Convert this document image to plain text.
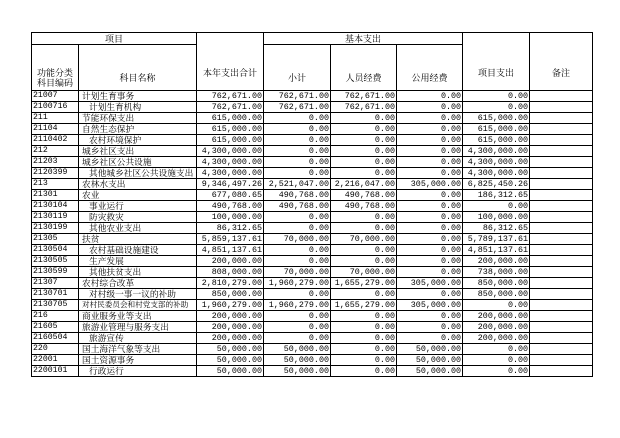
项目		本年支出合计	基本支出			项目支出	备注
功能分类科目编码	科目名称		小计	人员经费	公用经费		
21007	计划生育事务	762,671.00	762,671.00	762,671.00	0.00	0.00	
2100716	计划生育机构	762,671.00	762,671.00	762,671.00	0.00	0.00	
211	节能环保支出	615,000.00	0.00	0.00	0.00	615,000.00	
21104	自然生态保护	615,000.00	0.00	0.00	0.00	615,000.00	
2110402	农村环境保护	615,000.00	0.00	0.00	0.00	615,000.00	
212	城乡社区支出	4,300,000.00	0.00	0.00	0.00	4,300,000.00	
21203	城乡社区公共设施	4,300,000.00	0.00	0.00	0.00	4,300,000.00	
2120399	其他城乡社区公共设施支出	4,300,000.00	0.00	0.00	0.00	4,300,000.00	
213	农林水支出	9,346,497.26	2,521,047.00	2,216,047.00	305,000.00	6,825,450.26	
21301	农业	677,080.65	490,768.00	490,768.00	0.00	186,312.65	
2130104	事业运行	490,768.00	490,768.00	490,768.00	0.00	0.00	
2130119	防灾救灾	100,000.00	0.00	0.00	0.00	100,000.00	
2130199	其他农业支出	86,312.65	0.00	0.00	0.00	86,312.65	
21305	扶贫	5,859,137.61	70,000.00	70,000.00	0.00	5,789,137.61	
2130504	农村基础设施建设	4,851,137.61	0.00	0.00	0.00	4,851,137.61	
2130505	生产发展	200,000.00	0.00	0.00	0.00	200,000.00	
2130599	其他扶贫支出	808,000.00	70,000.00	70,000.00	0.00	738,000.00	
21307	农村综合改革	2,810,279.00	1,960,279.00	1,655,279.00	305,000.00	850,000.00	
2130701	对村级一事一议的补助	850,000.00	0.00	0.00	0.00	850,000.00	
2130705	对村民委员会和村党支部的补助	1,960,279.00	1,960,279.00	1,655,279.00	305,000.00	0.00	
216	商业服务业等支出	200,000.00	0.00	0.00	0.00	200,000.00	
21605	旅游业管理与服务支出	200,000.00	0.00	0.00	0.00	200,000.00	
2160504	旅游宣传	200,000.00	0.00	0.00	0.00	200,000.00	
220	国土海洋气象等支出	50,000.00	50,000.00	0.00	50,000.00	0.00	
22001	国土资源事务	50,000.00	50,000.00	0.00	50,000.00	0.00	
2200101	行政运行	50,000.00	50,000.00	0.00	50,000.00	0.00	
